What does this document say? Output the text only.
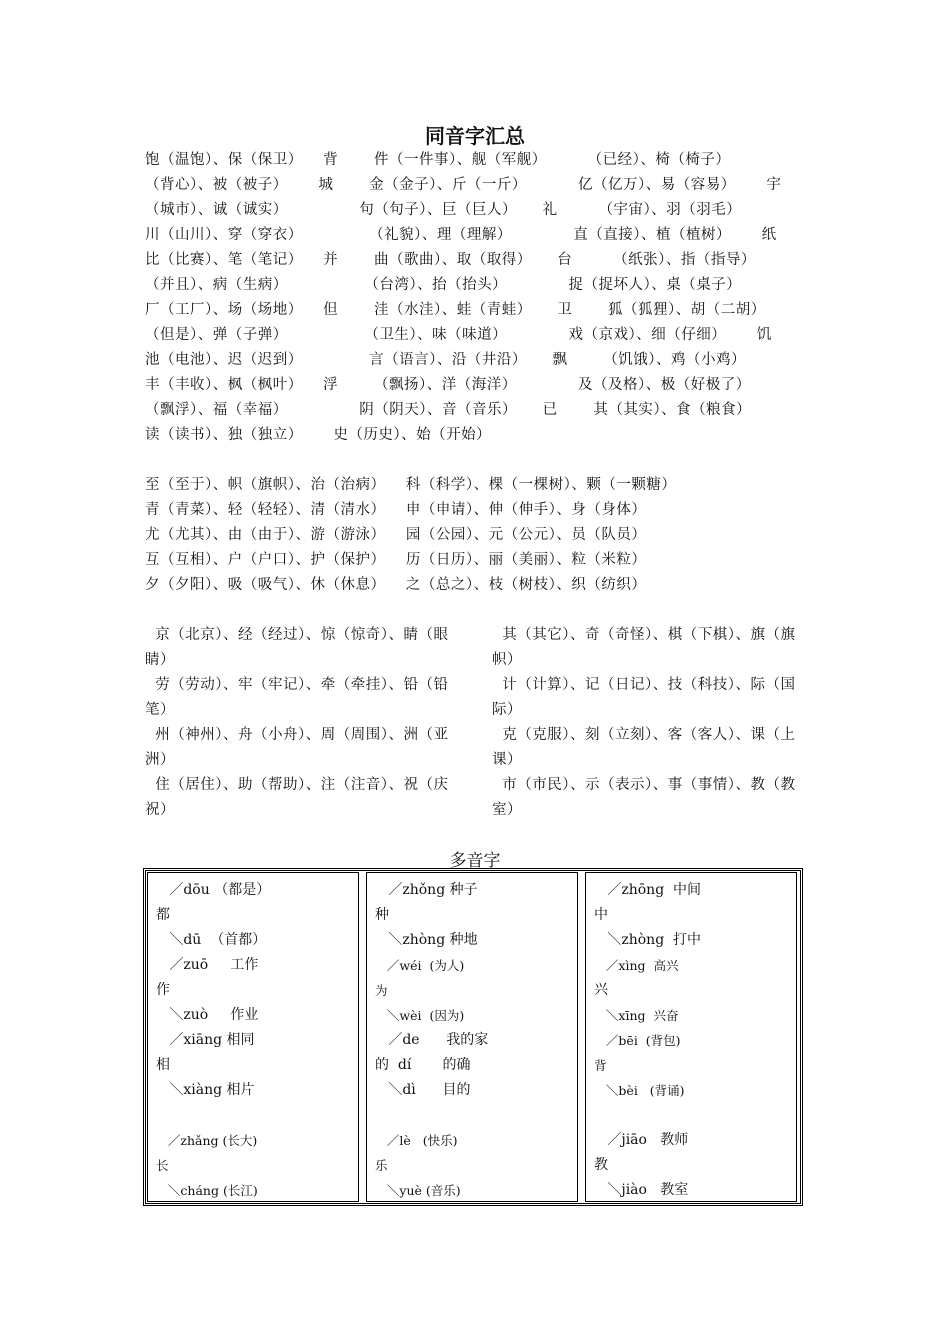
同音字汇总
饱（温饱）、保（保卫）    背       件（一件事）、舰（军舰）        （已经）、椅（椅子）
（背心）、被（被子）      城       金（金子）、斤（一斤）          亿（亿万）、易（容易）      宇
（城市）、诚（诚实）              句（句子）、巨（巨人）     礼        （宇宙）、羽（羽毛）
川（山川）、穿（穿衣）             （礼貌）、理（理解）            直（直接）、植（植树）      纸
比（比赛）、笔（笔记）    并       曲（歌曲）、取（取得）     台        （纸张）、指（指导）
（并且）、病（生病）               （台湾）、抬（抬头）            捉（捉坏人）、桌（桌子）
厂（工厂）、场（场地）    但       洼（水洼）、蛙（青蛙）     卫       狐（狐狸）、胡（二胡）
（但是）、弹（子弹）               （卫生）、味（味道）            戏（京戏）、细（仔细）      饥
池（电池）、迟（迟到）             言（语言）、沿（井沿）     飘       （饥饿）、鸡（小鸡）
丰（丰收）、枫（枫叶）    浮       （飘扬）、洋（海洋）            及（及格）、极（好极了）
（飘浮）、福（幸福）              阴（阴天）、音（音乐）     已       其（其实）、食（粮食）
读（读书）、独（独立）      史（历史）、始（开始）
至（至于）、帜（旗帜）、治（治病）    科（科学）、棵（一棵树）、颗（一颗糖）
青（青菜）、轻（轻轻）、清（清水）    申（申请）、伸（伸手）、身（身体）
尤（尤其）、由（由于）、游（游泳）    园（公园）、元（公元）、员（队员）
互（互相）、户（户口）、护（保护）    历（日历）、丽（美丽）、粒（米粒）
夕（夕阳）、吸（吸气）、休（休息）    之（总之）、枝（树枝）、织（纺织）
京（北京）、经（经过）、惊（惊奇）、睛（眼
睛）
劳（劳动）、牢（牢记）、牵（牵挂）、铅（铅
笔）
州（神州）、舟（小舟）、周（周围）、洲（亚
洲）
住（居住）、助（帮助）、注（注音）、祝（庆
祝）
其（其它）、奇（奇怪）、棋（下棋）、旗（旗
帜）
计（计算）、记（日记）、技（科技）、际（国
际）
克（克服）、刻（立刻）、客（客人）、课（上
课）
市（市民）、示（表示）、事（事情）、教（教
室）
多音字
／dōu （都是）
都
＼dū  （首都）
／zuō     工作
作
＼zuò     作业
／xiāng 相同
相
＼xiàng 相片
／zhǎng (长大)
长
＼cháng (长江)
／zhǒng 种子
种
＼zhòng 种地
／wéi  (为人)
为
＼wèi  (因为)
／de      我的家
的  dí       的确
＼dì      目的
／lè   (快乐)
乐
＼yuè (音乐)
／zhōng  中间
中
＼zhòng  打中
／xìng  高兴
兴
＼xīng  兴奋
／bēi  (背包)
背
＼bèi   (背诵)
／jiāo   教师
教
＼jiào   教室
